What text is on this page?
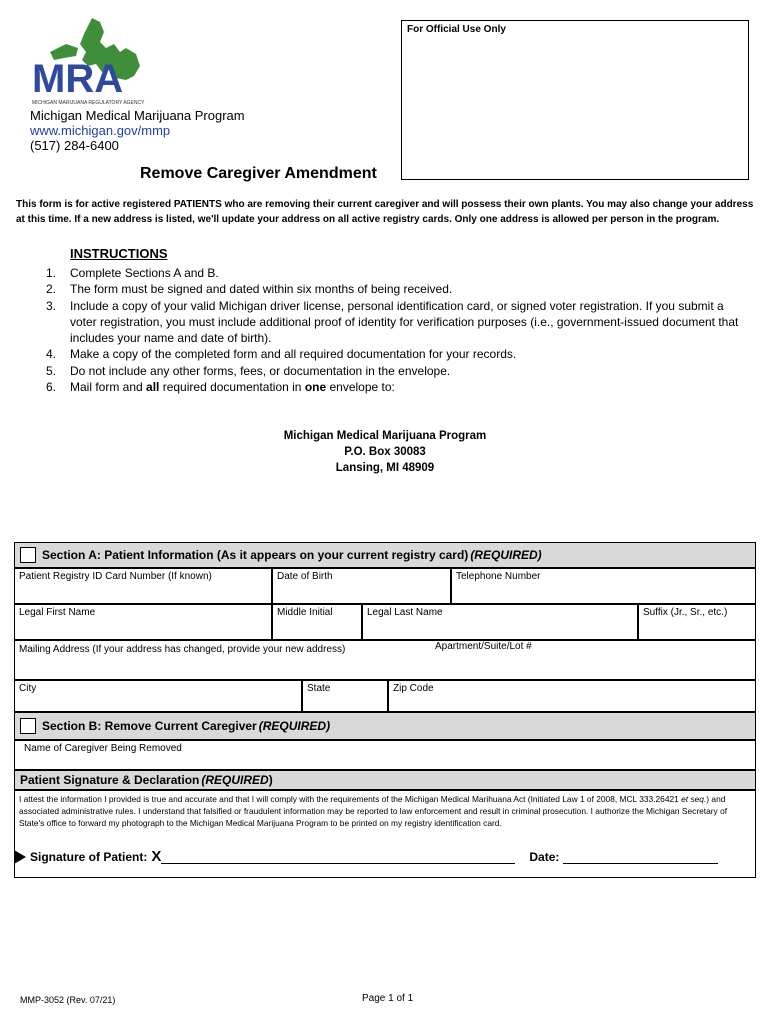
MRA
MICHIGAN MARIJUANA REGULATORY AGENCY
Michigan Medical Marijuana Program
www.michigan.gov/mmp
(517) 284-6400
For Official Use Only
Remove Caregiver Amendment
This form is for active registered PATIENTS who are removing their current caregiver and will possess their own plants. You may also change your address at this time. If a new address is listed, we'll update your address on all active registry cards. Only one address is allowed per person in the program.
INSTRUCTIONS
1.	Complete Sections A and B.
2.	The form must be signed and dated within six months of being received.
3.	Include a copy of your valid Michigan driver license, personal identification card, or signed voter registration. If you submit a voter registration, you must include additional proof of identity for verification purposes (i.e., government-issued document that includes your name and date of birth).
4.	Make a copy of the completed form and all required documentation for your records.
5.	Do not include any other forms, fees, or documentation in the envelope.
6.	Mail form and all required documentation in one envelope to:
Michigan Medical Marijuana Program
P.O. Box 30083
Lansing, MI 48909
Section A: Patient Information (As it appears on your current registry card) (REQUIRED)
Patient Registry ID Card Number (If known)	Date of Birth	Telephone Number
Legal First Name	Middle Initial	Legal Last Name	Suffix (Jr., Sr., etc.)
Mailing Address (If your address has changed, provide your new address)	Apartment/Suite/Lot #
City	State	Zip Code
Section B: Remove Current Caregiver (REQUIRED)
Name of Caregiver Being Removed
Patient Signature & Declaration (REQUIRED )

I attest the information I provided is true and accurate and that I will comply with the requirements of the Michigan Medical Marihuana Act (Initiated Law 1 of 2008, MCL 333.26421 et seq.) and associated administrative rules. I understand that falsified or fraudulent information may be reported to law enforcement and result in criminal prosecution. I authorize the Michigan Secretary of State's office to forward my photograph to the Michigan Medical Marijuana Program to be printed on my registry identification card.

Signature of Patient: X	Date:
MMP-3052 (Rev. 07/21)	Page 1 of 1
